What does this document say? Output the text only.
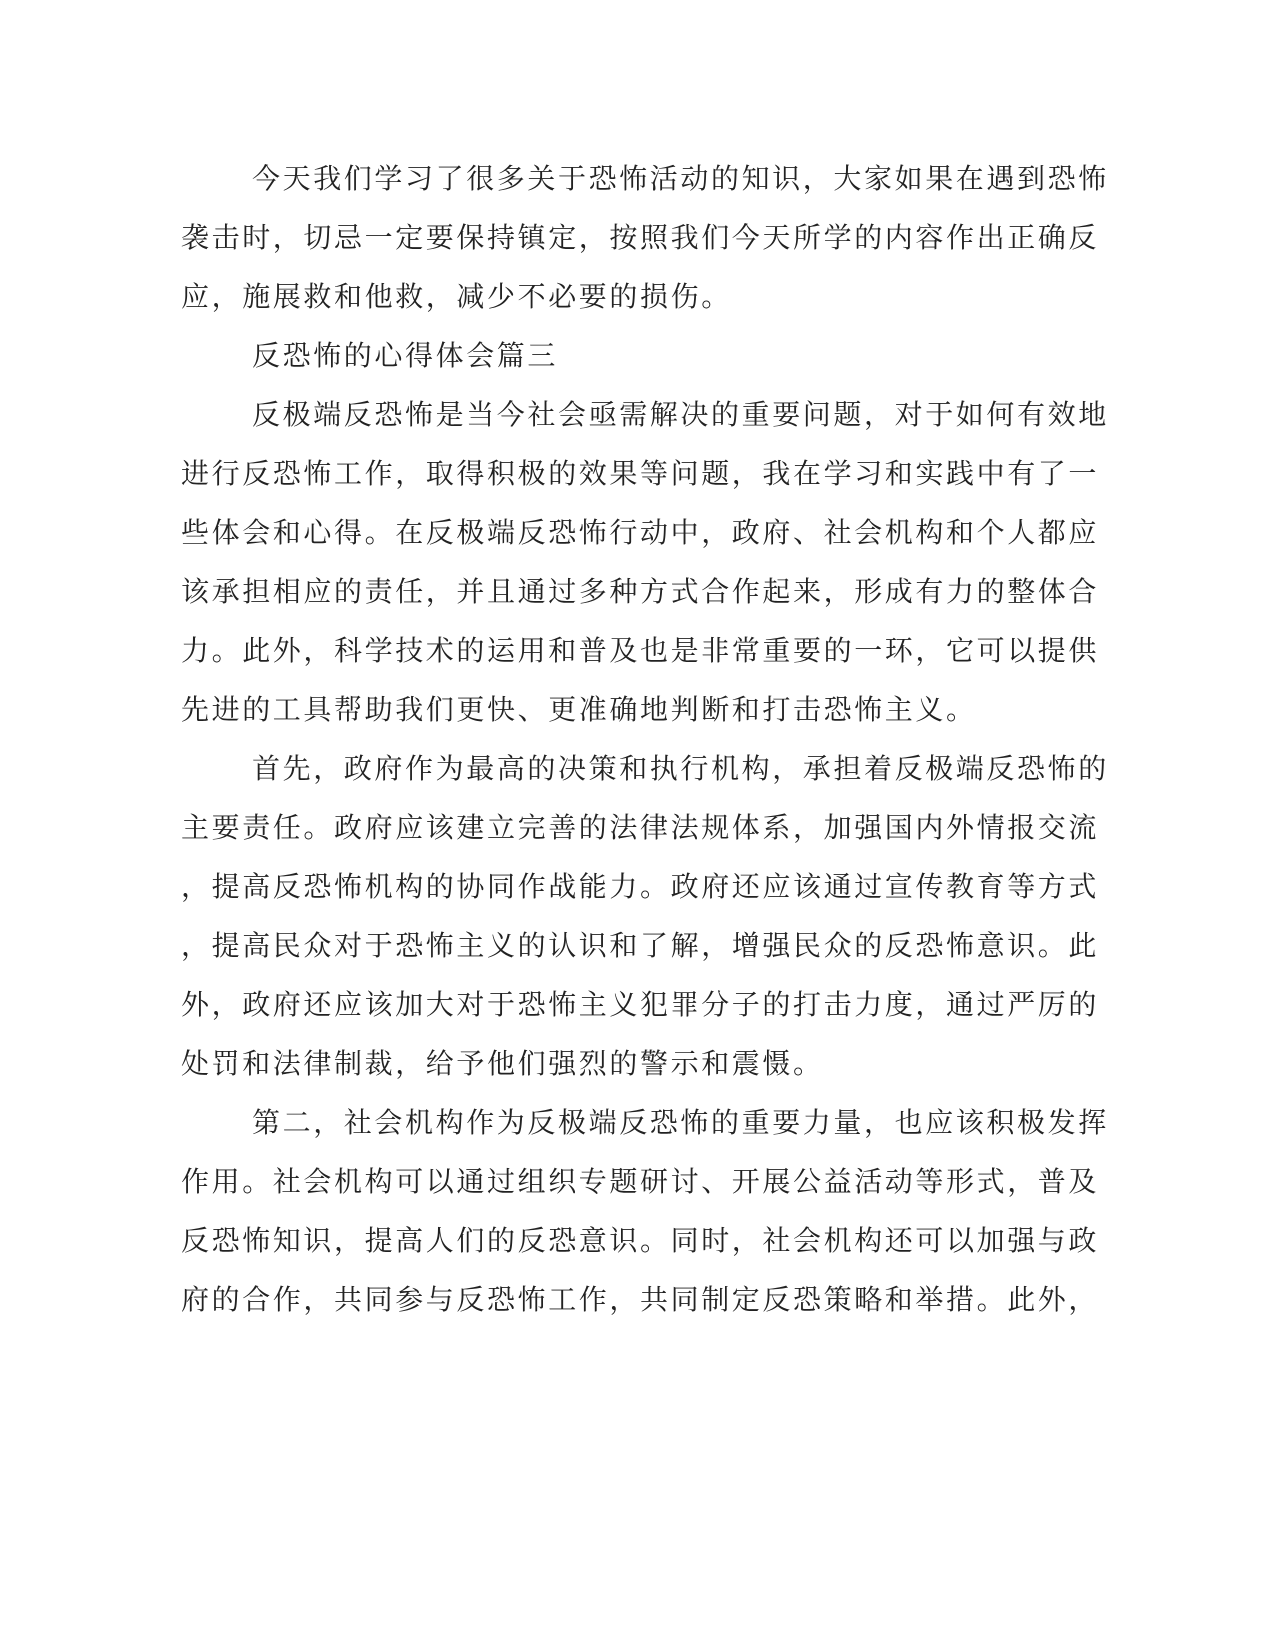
今天我们学习了很多关于恐怖活动的知识，大家如果在遇到恐怖
袭击时，切忌一定要保持镇定，按照我们今天所学的内容作出正确反
应，施展救和他救，减少不必要的损伤。
反恐怖的心得体会篇三
反极端反恐怖是当今社会亟需解决的重要问题，对于如何有效地
进行反恐怖工作，取得积极的效果等问题，我在学习和实践中有了一
些体会和心得。在反极端反恐怖行动中，政府、社会机构和个人都应
该承担相应的责任，并且通过多种方式合作起来，形成有力的整体合
力。此外，科学技术的运用和普及也是非常重要的一环，它可以提供
先进的工具帮助我们更快、更准确地判断和打击恐怖主义。
首先，政府作为最高的决策和执行机构，承担着反极端反恐怖的
主要责任。政府应该建立完善的法律法规体系，加强国内外情报交流
，提高反恐怖机构的协同作战能力。政府还应该通过宣传教育等方式
，提高民众对于恐怖主义的认识和了解，增强民众的反恐怖意识。此
外，政府还应该加大对于恐怖主义犯罪分子的打击力度，通过严厉的
处罚和法律制裁，给予他们强烈的警示和震慑。
第二，社会机构作为反极端反恐怖的重要力量，也应该积极发挥
作用。社会机构可以通过组织专题研讨、开展公益活动等形式，普及
反恐怖知识，提高人们的反恐意识。同时，社会机构还可以加强与政
府的合作，共同参与反恐怖工作，共同制定反恐策略和举措。此外，
